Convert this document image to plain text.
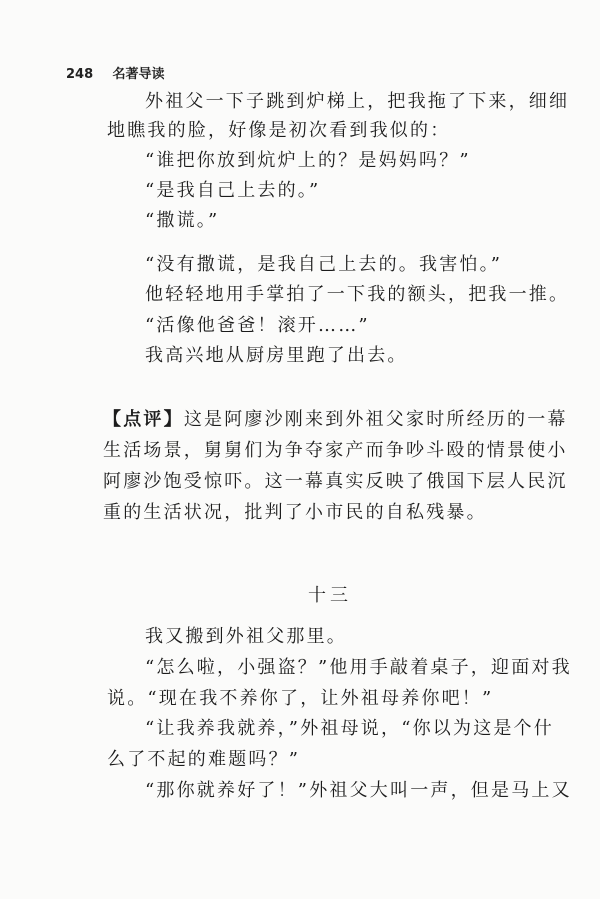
248 名著导读
外祖父一下子跳到炉梯上，把我拖了下来，细细
地瞧我的脸，好像是初次看到我似的：
“谁把你放到炕炉上的？是妈妈吗？”
“是我自己上去的。”
“撒谎。”
“没有撒谎，是我自己上去的。我害怕。”
他轻轻地用手掌拍了一下我的额头，把我一推。
“活像他爸爸！滚开……”
我高兴地从厨房里跑了出去。
【点评】这是阿廖沙刚来到外祖父家时所经历的一幕
生活场景，舅舅们为争夺家产而争吵斗殴的情景使小
阿廖沙饱受惊吓。这一幕真实反映了俄国下层人民沉
重的生活状况，批判了小市民的自私残暴。
十三
我又搬到外祖父那里。
“怎么啦，小强盗？”他用手敲着桌子，迎面对我
说。“现在我不养你了，让外祖母养你吧！”
“让我养我就养，”外祖母说，“你以为这是个什
么了不起的难题吗？”
“那你就养好了！”外祖父大叫一声，但是马上又
